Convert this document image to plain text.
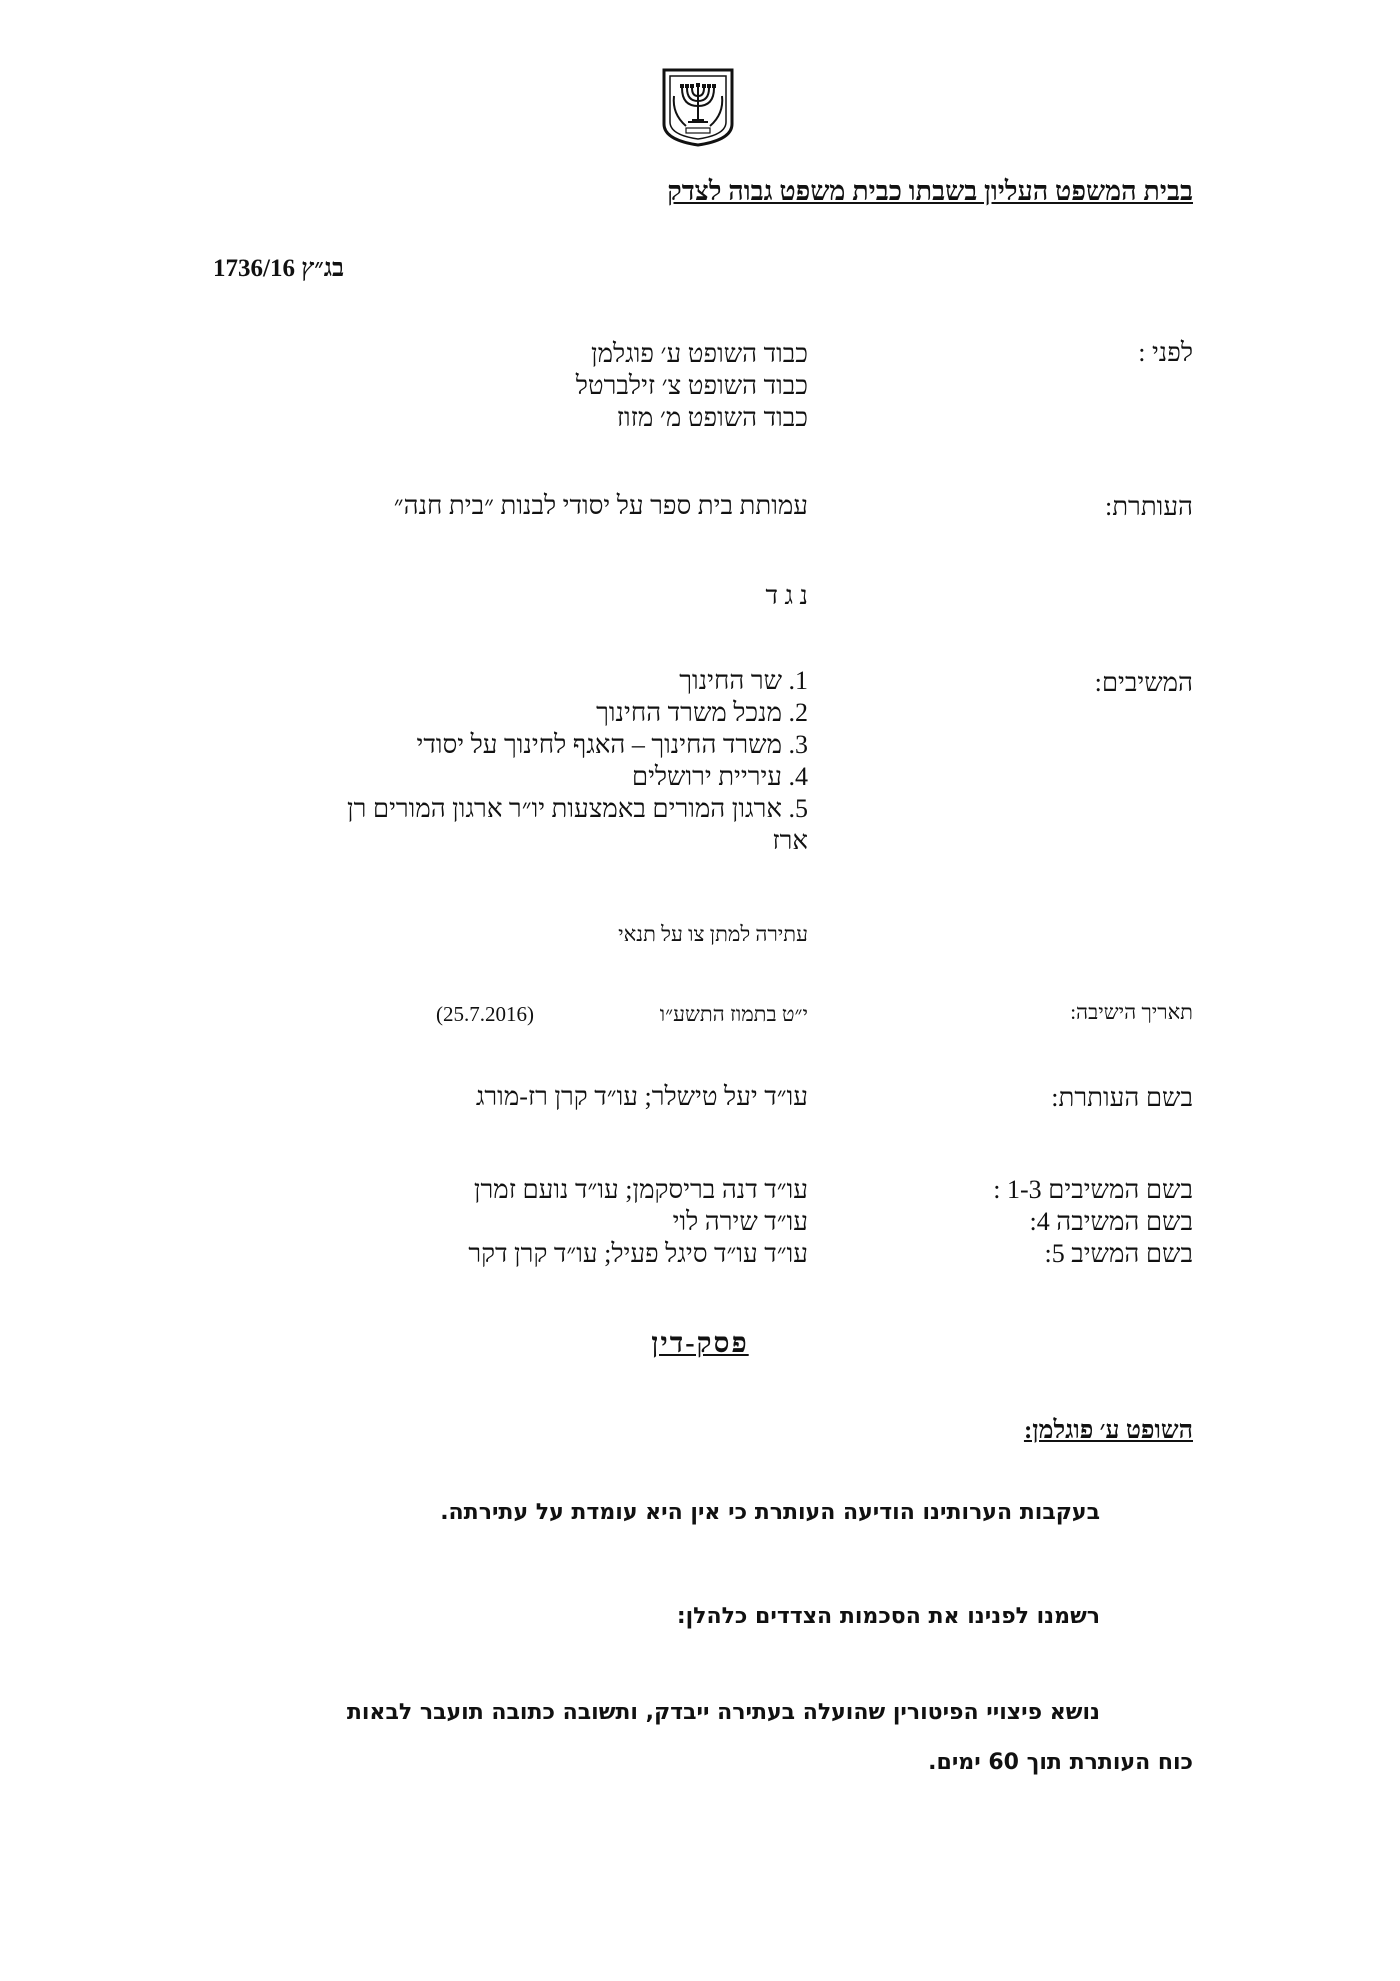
בבית המשפט העליון בשבתו כבית משפט גבוה לצדק
בג״ץ 1736/16
לפני :
כבוד השופט ע׳ פוגלמן
כבוד השופט צ׳ זילברטל
כבוד השופט מ׳ מזוז
העותרת:
עמותת בית ספר על יסודי לבנות ״בית חנה״
נ ג ד
המשיבים:
1. שר החינוך
2. מנכל משרד החינוך
3. משרד החינוך – האגף לחינוך על יסודי
4. עיריית ירושלים
5. ארגון המורים באמצעות יו״ר ארגון המורים רן
ארז
עתירה למתן צו על תנאי
תאריך הישיבה:
י״ט בתמוז התשע״ו
(25.7.2016)
בשם העותרת:
עו״ד יעל טישלר; עו״ד קרן רז-מורג
בשם המשיבים 1-3 :
בשם המשיבה 4:
בשם המשיב 5:
עו״ד דנה בריסקמן; עו״ד נועם זמרן
עו״ד שירה לוי
עו״ד עו״ד סיגל פעיל; עו״ד קרן דקר
פסק-דין
השופט ע׳ פוגלמן:
בעקבות הערותינו הודיעה העותרת כי אין היא עומדת על עתירתה.
רשמנו לפנינו את הסכמות הצדדים כלהלן:
נושא פיצויי הפיטורין שהועלה בעתירה ייבדק, ותשובה כתובה תועבר לבאות
כוח העותרת תוך 60 ימים.
